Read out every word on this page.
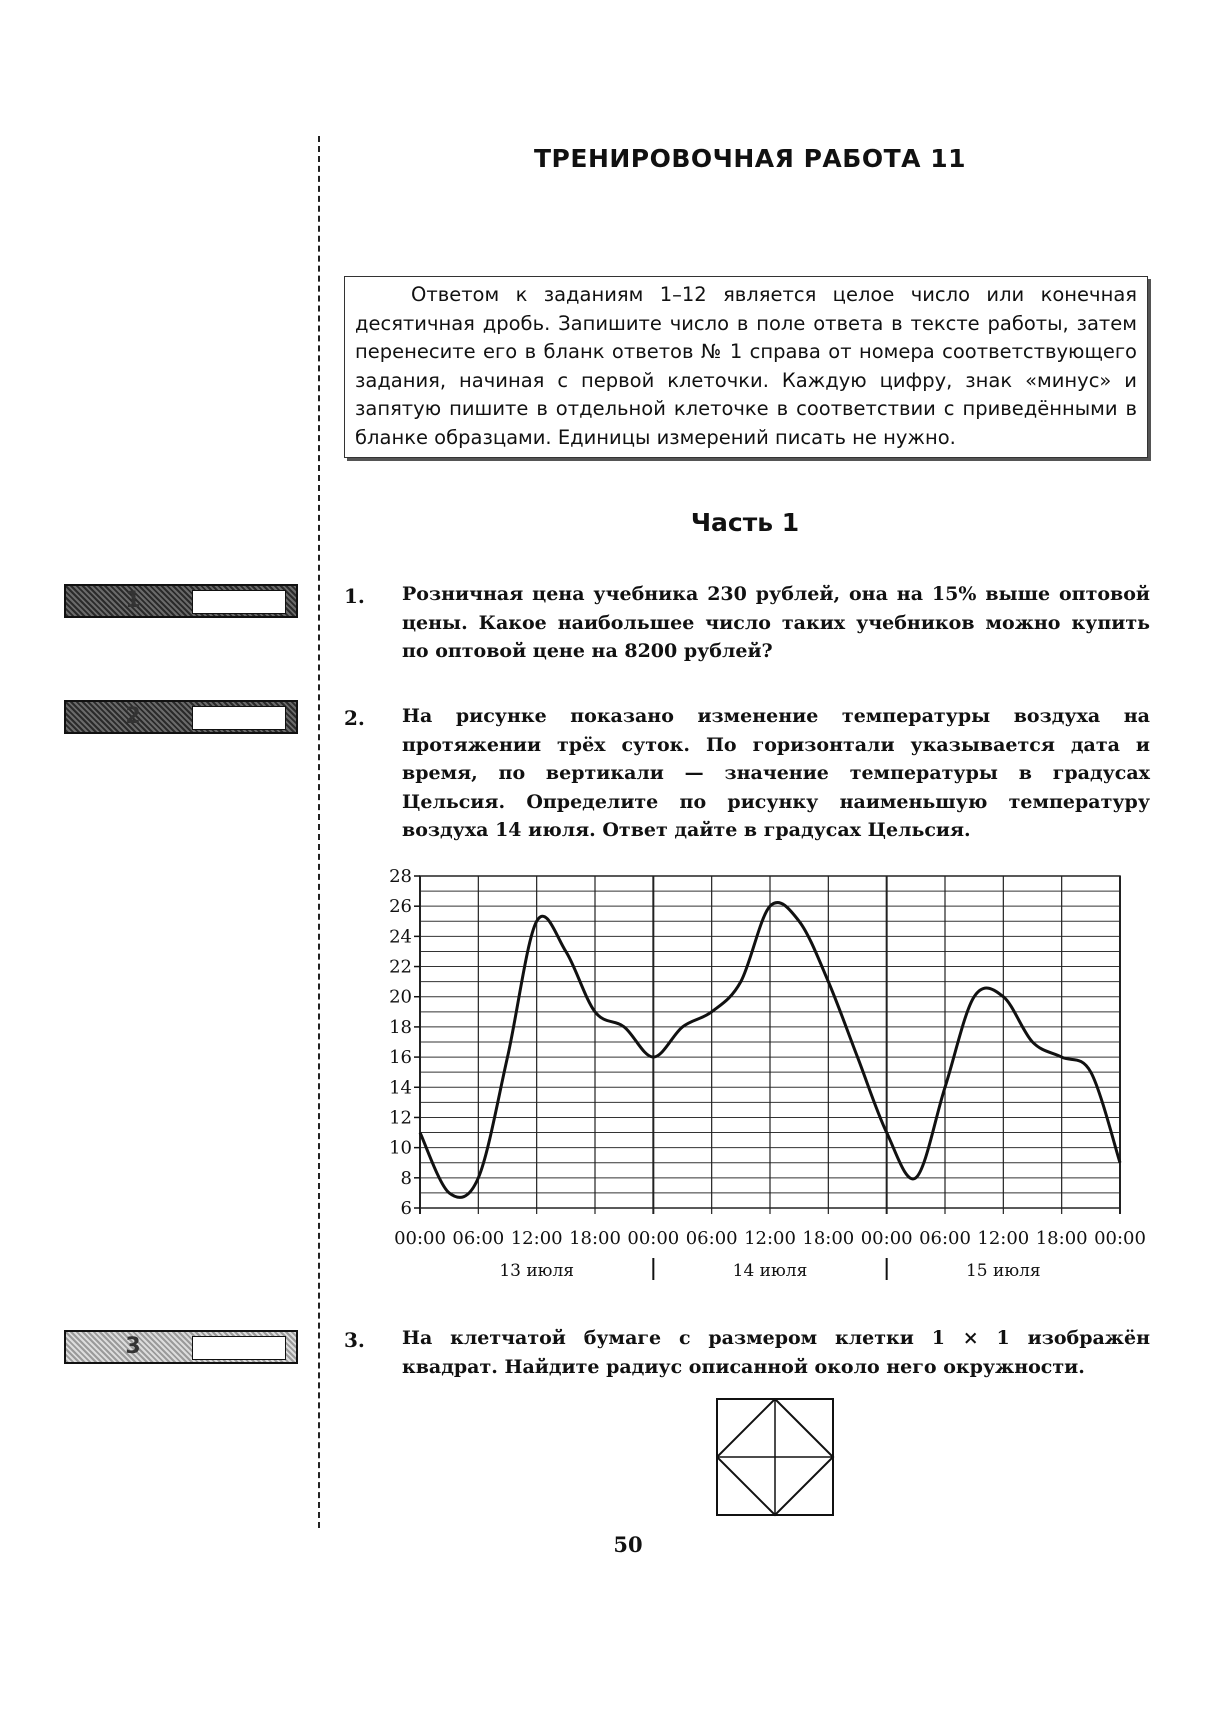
ТРЕНИРОВОЧНАЯ РАБОТА 11
Ответом к заданиям 1–12 является целое число или конечная десятичная дробь. Запишите число в поле ответа в тексте работы, затем перенесите его в бланк ответов № 1 справа от номера соответствующего задания, начиная с первой клеточки. Каждую цифру, знак «минус» и запятую пишите в отдельной клеточке в соответствии с приведёнными в бланке образцами. Единицы измерений писать не нужно.
Часть 1
1
2
3
1. Розничная цена учебника 230 рублей, она на 15% выше оптовой цены. Какое наибольшее число таких учебников можно купить по оптовой цене на 8200 рублей?
2. На рисунке показано изменение температуры воздуха на протяжении трёх суток. По горизонтали указывается дата и время, по вертикали — значение температуры в градусах Цельсия. Определите по рисунку наименьшую температуру воздуха 14 июля. Ответ дайте в градусах Цельсия.
6
8
10
12
14
16
18
20
22
24
26
28
00:00 06:00 12:00 18:00 00:00 06:00 12:00 18:00 00:00 06:00 12:00 18:00 00:00
13 июля	14 июля	15 июля
3. На клетчатой бумаге с размером клетки 1 × 1 изображён квадрат. Найдите радиус описанной около него окружности.
50
